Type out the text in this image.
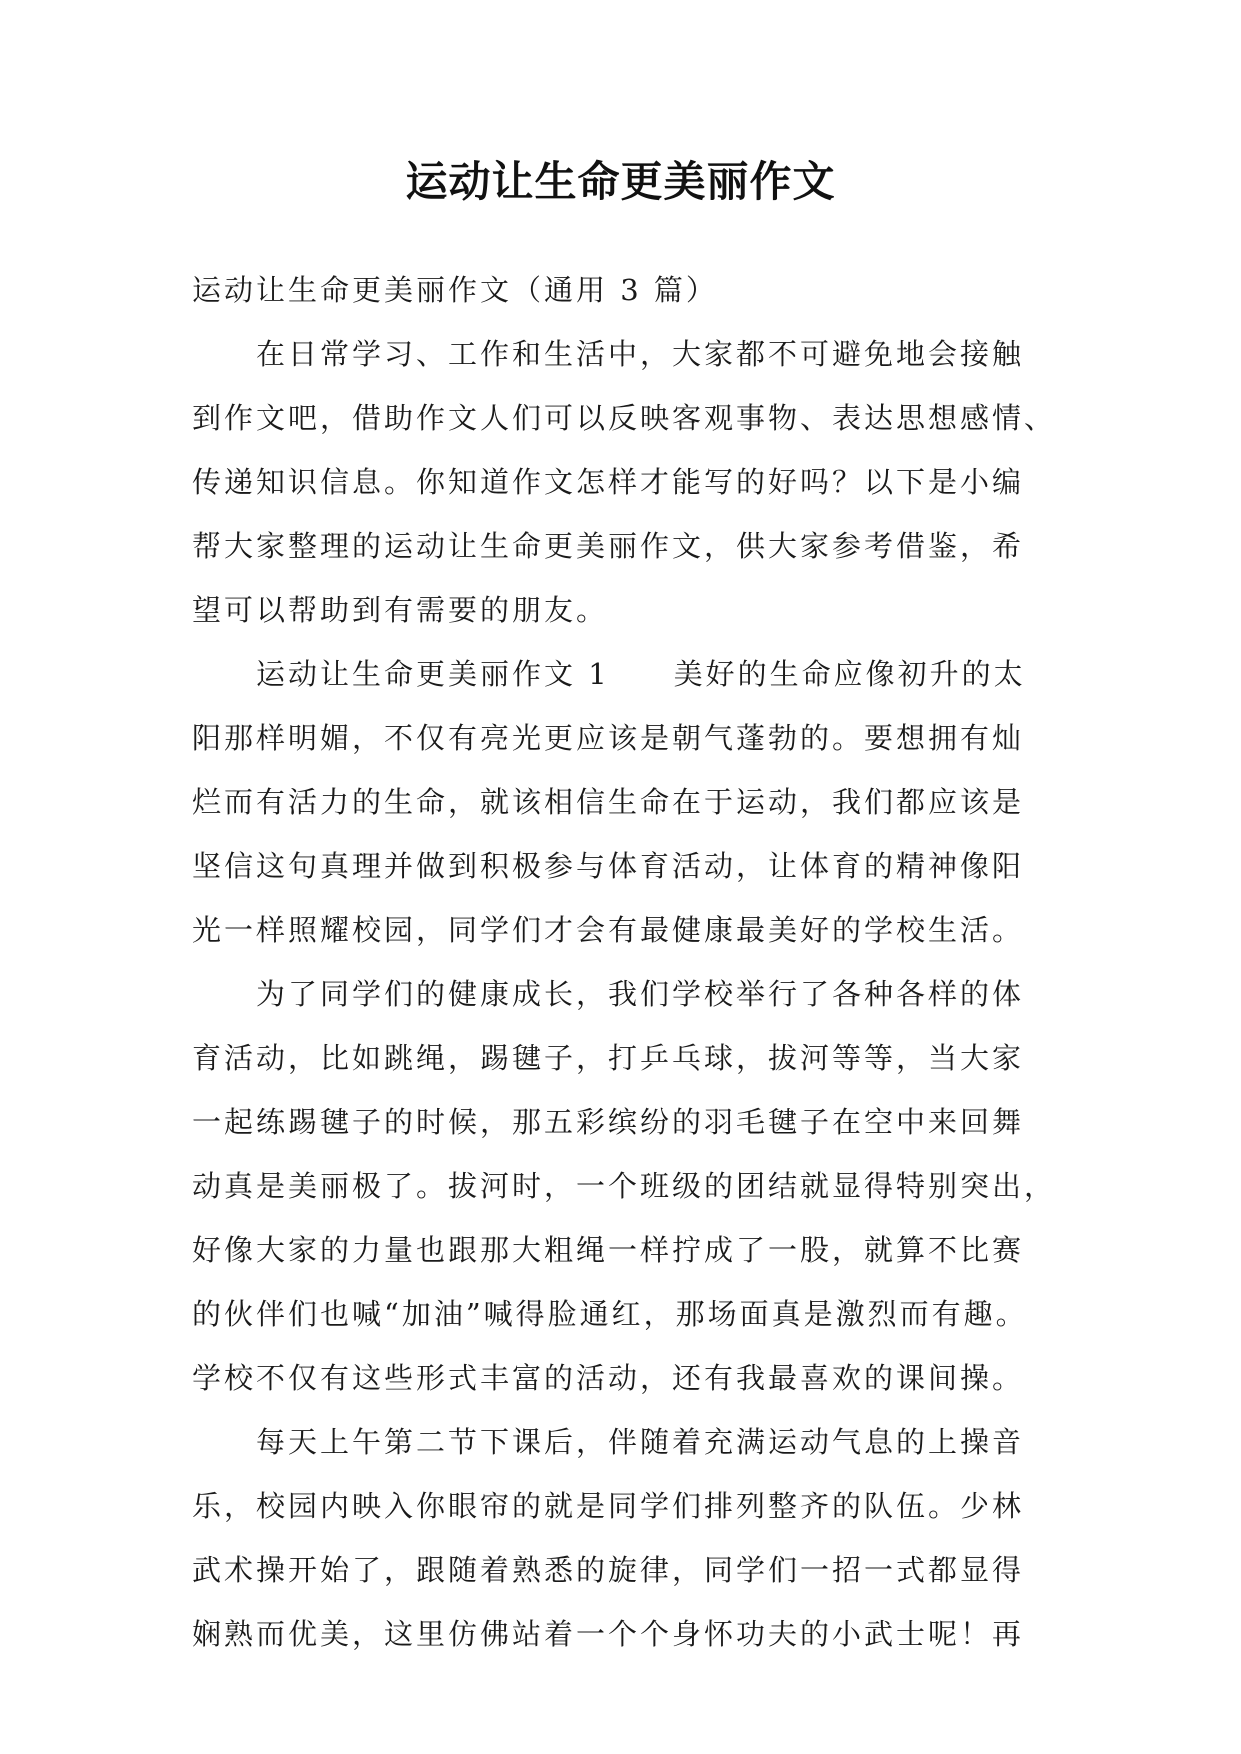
运动让生命更美丽作文

运动让生命更美丽作文（通用 3 篇）

在日常学习、工作和生活中，大家都不可避免地会接触

到作文吧，借助作文人们可以反映客观事物、表达思想感情、

传递知识信息。你知道作文怎样才能写的好吗？以下是小编

帮大家整理的运动让生命更美丽作文，供大家参考借鉴，希

望可以帮助到有需要的朋友。

运动让生命更美丽作文 1　　美好的生命应像初升的太

阳那样明媚，不仅有亮光更应该是朝气蓬勃的。要想拥有灿

烂而有活力的生命，就该相信生命在于运动，我们都应该是

坚信这句真理并做到积极参与体育活动，让体育的精神像阳

光一样照耀校园，同学们才会有最健康最美好的学校生活。

为了同学们的健康成长，我们学校举行了各种各样的体

育活动，比如跳绳，踢毽子，打乒乓球，拔河等等，当大家

一起练踢毽子的时候，那五彩缤纷的羽毛毽子在空中来回舞

动真是美丽极了。拔河时，一个班级的团结就显得特别突出，

好像大家的力量也跟那大粗绳一样拧成了一股，就算不比赛

的伙伴们也喊“加油”喊得脸通红，那场面真是激烈而有趣。

学校不仅有这些形式丰富的活动，还有我最喜欢的课间操。

每天上午第二节下课后，伴随着充满运动气息的上操音

乐，校园内映入你眼帘的就是同学们排列整齐的队伍。少林

武术操开始了，跟随着熟悉的旋律，同学们一招一式都显得

娴熟而优美，这里仿佛站着一个个身怀功夫的小武士呢！再
